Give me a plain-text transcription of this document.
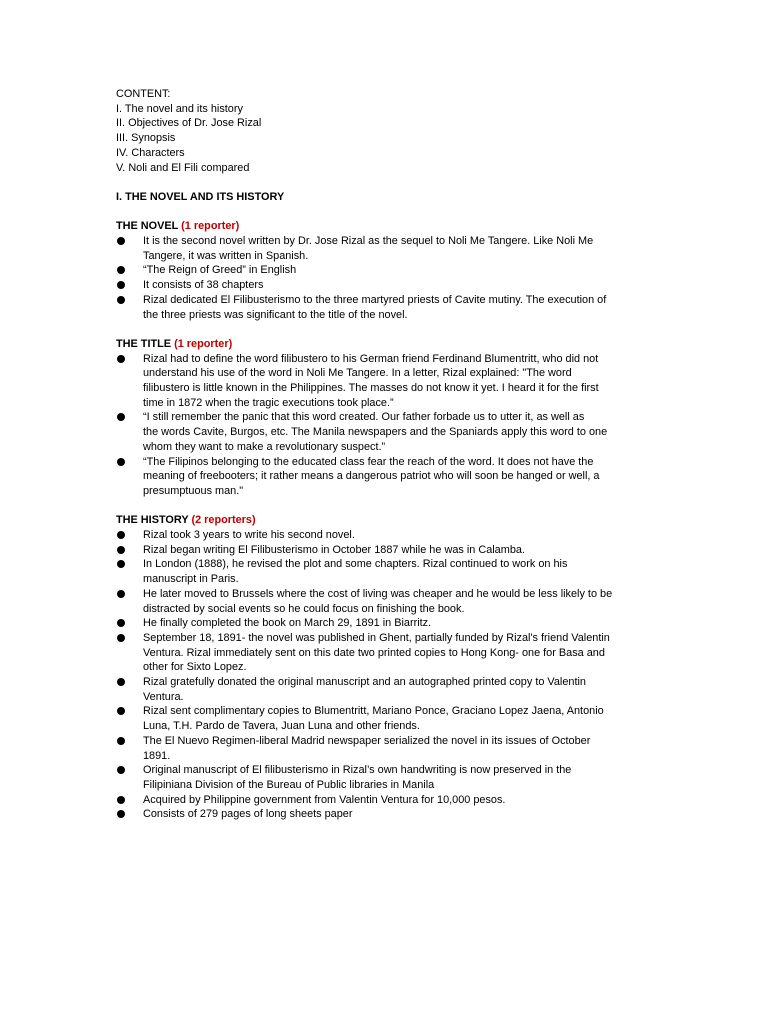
CONTENT:
I. The novel and its history
II. Objectives of Dr. Jose Rizal
III. Synopsis
IV. Characters
V. Noli and El Fili compared
I. THE NOVEL AND ITS HISTORY
THE NOVEL (1 reporter)
It is the second novel written by Dr. Jose Rizal as the sequel to Noli Me Tangere. Like Noli Me
Tangere, it was written in Spanish.
“The Reign of Greed” in English
It consists of 38 chapters
Rizal dedicated El Filibusterismo to the three martyred priests of Cavite mutiny. The execution of
the three priests was significant to the title of the novel.
THE TITLE (1 reporter)
Rizal had to define the word filibustero to his German friend Ferdinand Blumentritt, who did not
understand his use of the word in Noli Me Tangere. In a letter, Rizal explained: "The word
filibustero is little known in the Philippines. The masses do not know it yet. I heard it for the first
time in 1872 when the tragic executions took place.”
“I still remember the panic that this word created. Our father forbade us to utter it, as well as
the words Cavite, Burgos, etc. The Manila newspapers and the Spaniards apply this word to one
whom they want to make a revolutionary suspect.”
“The Filipinos belonging to the educated class fear the reach of the word. It does not have the
meaning of freebooters; it rather means a dangerous patriot who will soon be hanged or well, a
presumptuous man."
THE HISTORY (2 reporters)
Rizal took 3 years to write his second novel.
Rizal began writing El Filibusterismo in October 1887 while he was in Calamba.
In London (1888), he revised the plot and some chapters. Rizal continued to work on his
manuscript in Paris.
He later moved to Brussels where the cost of living was cheaper and he would be less likely to be
distracted by social events so he could focus on finishing the book.
He finally completed the book on March 29, 1891 in Biarritz.
September 18, 1891- the novel was published in Ghent, partially funded by Rizal's friend Valentin
Ventura. Rizal immediately sent on this date two printed copies to Hong Kong- one for Basa and
other for Sixto Lopez.
Rizal gratefully donated the original manuscript and an autographed printed copy to Valentin
Ventura.
Rizal sent complimentary copies to Blumentritt, Mariano Ponce, Graciano Lopez Jaena, Antonio
Luna, T.H. Pardo de Tavera, Juan Luna and other friends.
The El Nuevo Regimen-liberal Madrid newspaper serialized the novel in its issues of October
1891.
Original manuscript of El filibusterismo in Rizal’s own handwriting is now preserved in the
Filipiniana Division of the Bureau of Public libraries in Manila
Acquired by Philippine government from Valentin Ventura for 10,000 pesos.
Consists of 279 pages of long sheets paper
